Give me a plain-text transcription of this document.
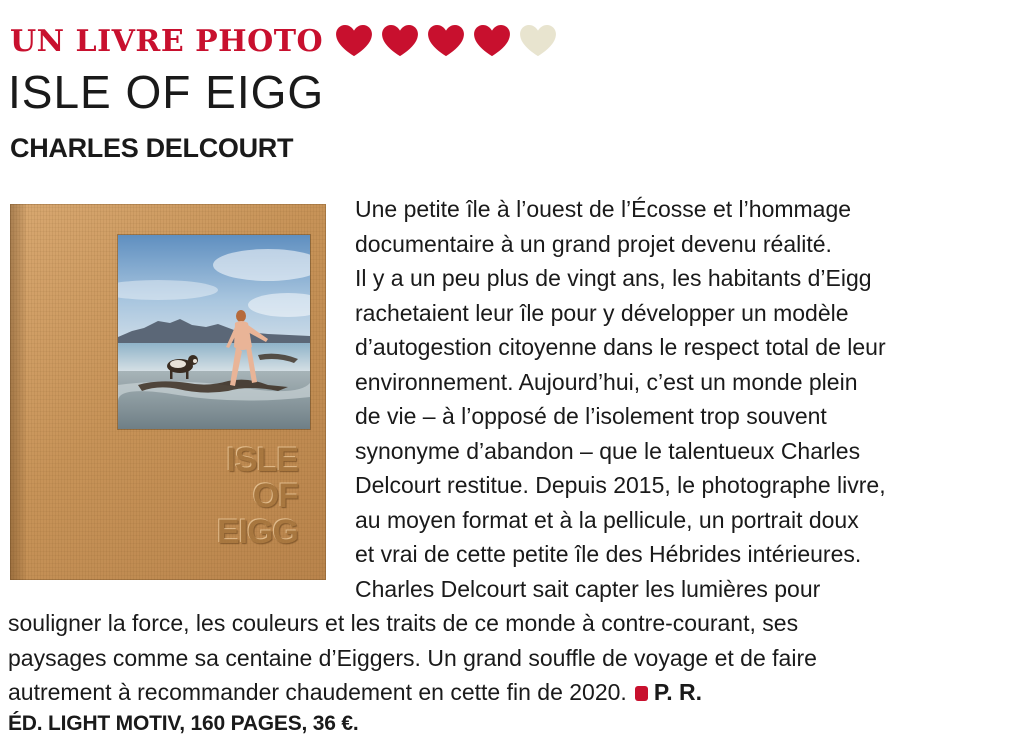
UN LIVRE PHOTO
ISLE OF EIGG
CHARLES DELCOURT
ISLE
OF
EIGG
Une petite île à l’ouest de l’Écosse et l’hommage
documentaire à un grand projet devenu réalité.
Il y a un peu plus de vingt ans, les habitants d’Eigg
rachetaient leur île pour y développer un modèle
d’autogestion citoyenne dans le respect total de leur
environnement. Aujourd’hui, c’est un monde plein
de vie – à l’opposé de l’isolement trop souvent
synonyme d’abandon – que le talentueux Charles
Delcourt restitue. Depuis 2015, le photographe livre,
au moyen format et à la pellicule, un portrait doux
et vrai de cette petite île des Hébrides intérieures.
Charles Delcourt sait capter les lumières pour
souligner la force, les couleurs et les traits de ce monde à contre-courant, ses
paysages comme sa centaine d’Eiggers. Un grand souffle de voyage et de faire
autrement à recommander chaudement en cette fin de 2020. P. R.
ÉD. LIGHT MOTIV, 160 PAGES, 36 €.
